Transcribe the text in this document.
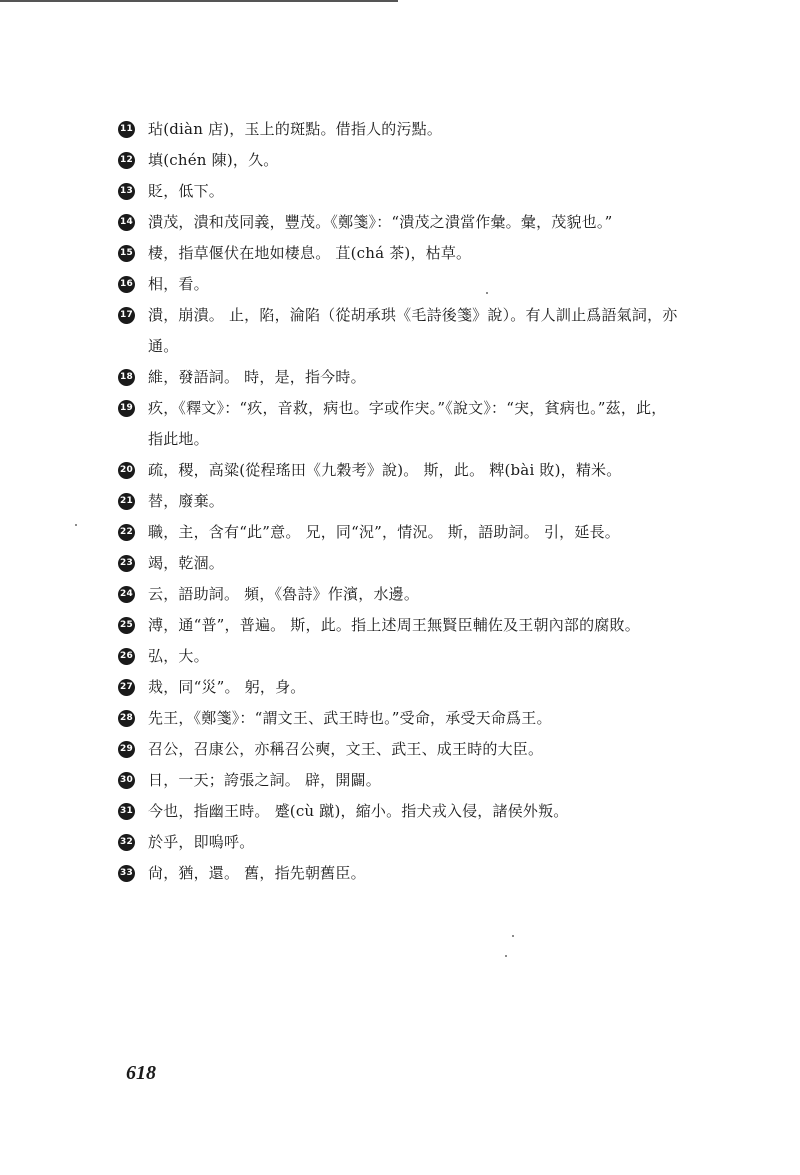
11 玷(diàn 店)，玉上的斑點。借指人的污點。
12 填(chén 陳)，久。
13 貶，低下。
14 潰茂，潰和茂同義，豐茂。《鄭箋》：“潰茂之潰當作彙。彙，茂貌也。”
15 棲，指草偃伏在地如棲息。 苴(chá 茶)，枯草。
16 相，看。
17 潰，崩潰。 止，陷，淪陷（從胡承珙《毛詩後箋》說）。有人訓止爲語氣詞，亦通。
18 維，發語詞。 時，是，指今時。
19 疚，《釋文》：“疚，音救，病也。字或作宊。”《說文》：“宊，貧病也。”茲，此，指此地。
20 疏，稷，高粱(從程瑤田《九穀考》說)。 斯，此。 粺(bài 敗)，精米。
21 替，廢棄。
22 職，主，含有“此”意。 兄，同“況”，情況。 斯，語助詞。 引，延長。
23 竭，乾涸。
24 云，語助詞。 頻，《魯詩》作濱，水邊。
25 溥，通“普”，普遍。 斯，此。指上述周王無賢臣輔佐及王朝內部的腐敗。
26 弘，大。
27 烖，同“災”。 躬，身。
28 先王，《鄭箋》：“謂文王、武王時也。”受命，承受天命爲王。
29 召公，召康公，亦稱召公奭，文王、武王、成王時的大臣。
30 日，一天；誇張之詞。 辟，開闢。
31 今也，指幽王時。 蹙(cù 蹴)，縮小。指犬戎入侵，諸侯外叛。
32 於乎，即嗚呼。
33 尙，猶，還。 舊，指先朝舊臣。
618
